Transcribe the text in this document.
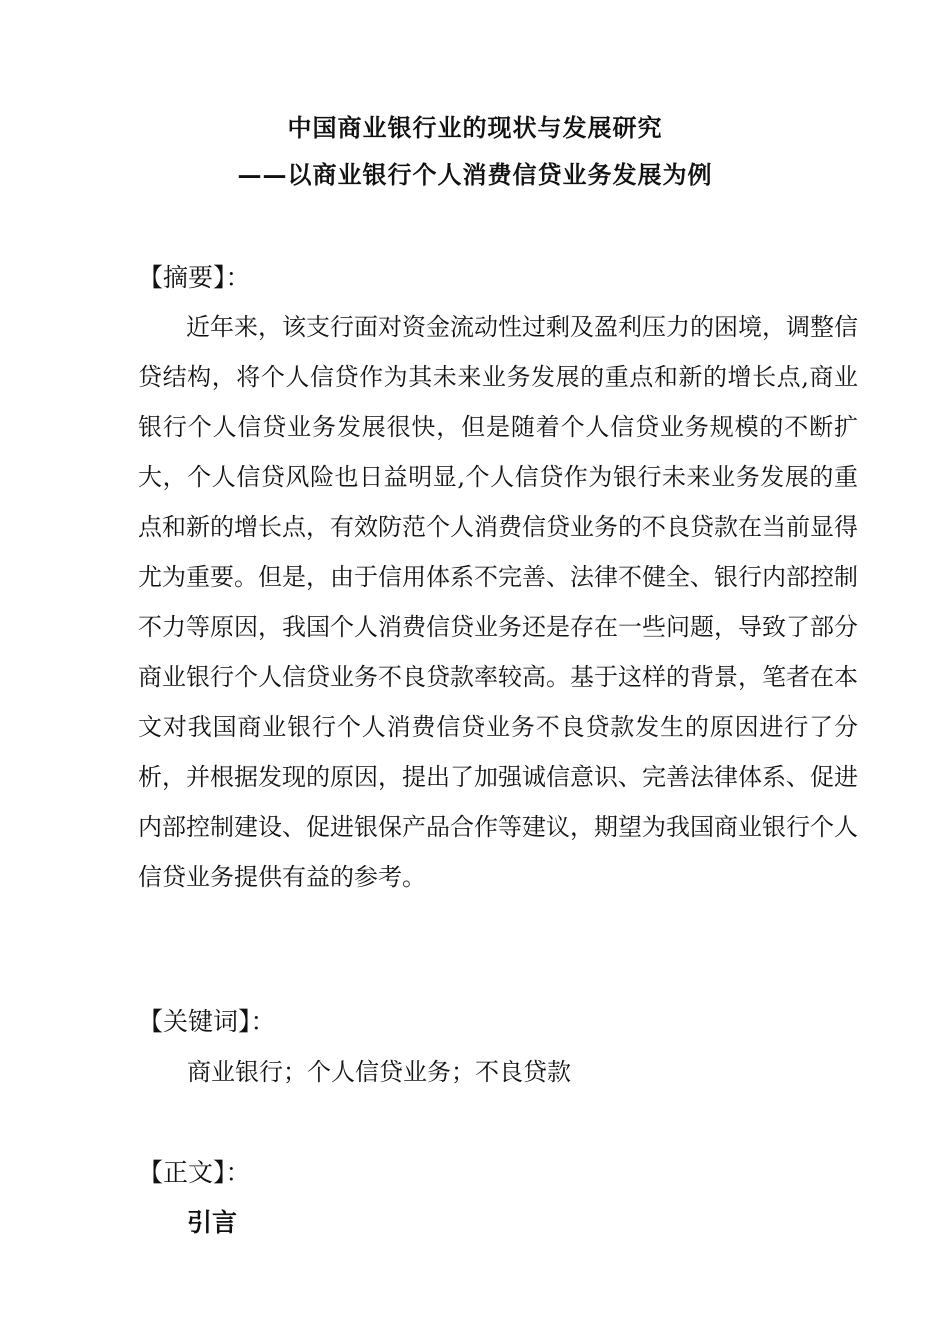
中国商业银行业的现状与发展研究
——以商业银行个人消费信贷业务发展为例
【摘要】：

近年来，该支行面对资金流动性过剩及盈利压力的困境，调整信贷结构，将个人信贷作为其未来业务发展的重点和新的增长点,商业银行个人信贷业务发展很快，但是随着个人信贷业务规模的不断扩大，个人信贷风险也日益明显,个人信贷作为银行未来业务发展的重点和新的增长点，有效防范个人消费信贷业务的不良贷款在当前显得尤为重要。但是，由于信用体系不完善、法律不健全、银行内部控制不力等原因，我国个人消费信贷业务还是存在一些问题，导致了部分商业银行个人信贷业务不良贷款率较高。基于这样的背景，笔者在本文对我国商业银行个人消费信贷业务不良贷款发生的原因进行了分析，并根据发现的原因，提出了加强诚信意识、完善法律体系、促进内部控制建设、促进银保产品合作等建议，期望为我国商业银行个人信贷业务提供有益的参考。

【关键词】：
商业银行；个人信贷业务；不良贷款
【正文】：
引言
